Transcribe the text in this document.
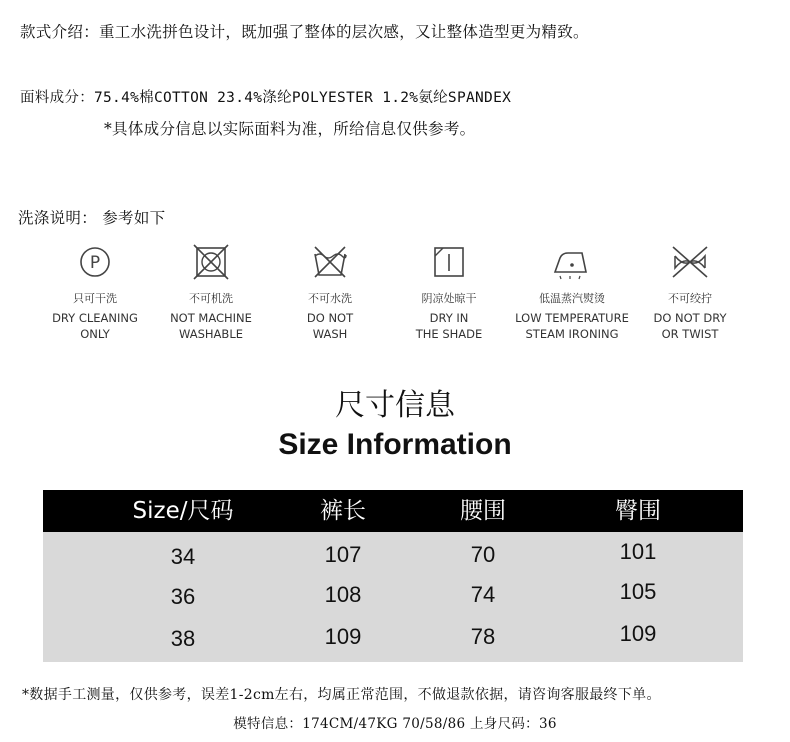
款式介绍：重工水洗拼色设计，既加强了整体的层次感，又让整体造型更为精致。
面料成分：75.4%棉COTTON 23.4%涤纶POLYESTER 1.2%氨纶SPANDEX
*具体成分信息以实际面料为准，所给信息仅供参考。
洗涤说明： 参考如下
P
只可干洗
DRY CLEANING
ONLY
不可机洗
NOT MACHINE
WASHABLE
不可水洗
DO NOT
WASH
阴凉处晾干
DRY IN
THE SHADE
低温蒸汽熨烫
LOW TEMPERATURE
STEAM IRONING
不可绞拧
DO NOT DRY
OR TWIST
尺寸信息
Size Information
Size/尺码	裤长	腰围	臀围
34	107	70	101
36	108	74	105
38	109	78	109
*数据手工测量，仅供参考，误差1-2cm左右，均属正常范围，不做退款依据，请咨询客服最终下单。
模特信息：174CM/47KG 70/58/86 上身尺码：36
